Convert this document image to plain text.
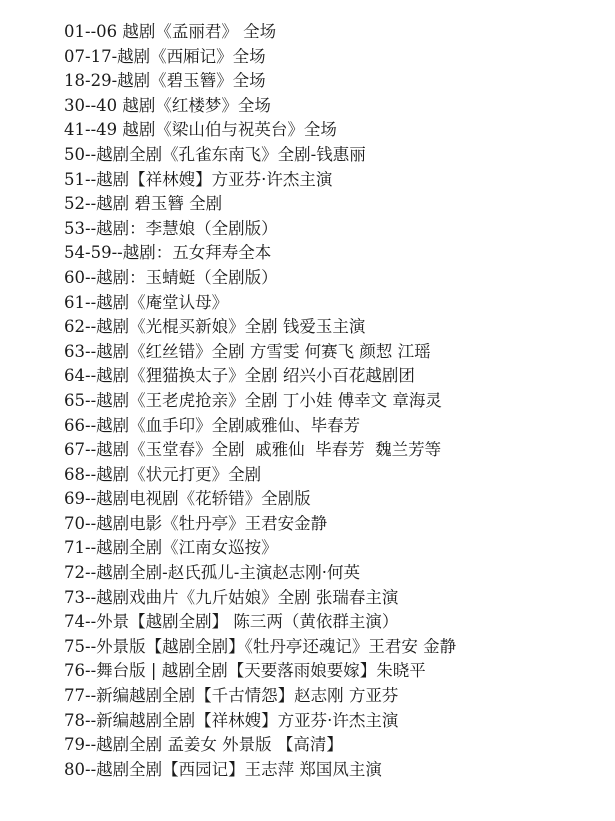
01--06 越剧《孟丽君》 全场
07-17-越剧《西厢记》全场
18-29-越剧《碧玉簪》全场
30--40 越剧《红楼梦》全场
41--49 越剧《梁山伯与祝英台》全场
50--越剧全剧《孔雀东南飞》全剧-钱惠丽
51--越剧【祥林嫂】方亚芬·许杰主演
52--越剧 碧玉簪 全剧
53--越剧：李慧娘（全剧版）
54-59--越剧：五女拜寿全本
60--越剧：玉蜻蜓（全剧版）
61--越剧《庵堂认母》
62--越剧《光棍买新娘》全剧 钱爱玉主演
63--越剧《红丝错》全剧 方雪雯 何赛飞 颜恝 江瑶
64--越剧《狸猫换太子》全剧 绍兴小百花越剧团
65--越剧《王老虎抢亲》全剧 丁小娃 傅幸文 章海灵
66--越剧《血手印》全剧戚雅仙、毕春芳
67--越剧《玉堂春》全剧  戚雅仙  毕春芳  魏兰芳等
68--越剧《状元打更》全剧
69--越剧电视剧《花轿错》全剧版
70--越剧电影《牡丹亭》王君安金静
71--越剧全剧《江南女巡按》
72--越剧全剧-赵氏孤儿-主演赵志刚·何英
73--越剧戏曲片《九斤姑娘》全剧 张瑞春主演
74--外景【越剧全剧】 陈三两（黄依群主演）
75--外景版【越剧全剧】《牡丹亭还魂记》王君安 金静
76--舞台版 | 越剧全剧【天要落雨娘要嫁】朱晓平
77--新编越剧全剧【千古情怨】赵志刚 方亚芬
78--新编越剧全剧【祥林嫂】方亚芬·许杰主演
79--越剧全剧 孟姜女 外景版 【高清】
80--越剧全剧【西园记】王志萍 郑国凤主演
